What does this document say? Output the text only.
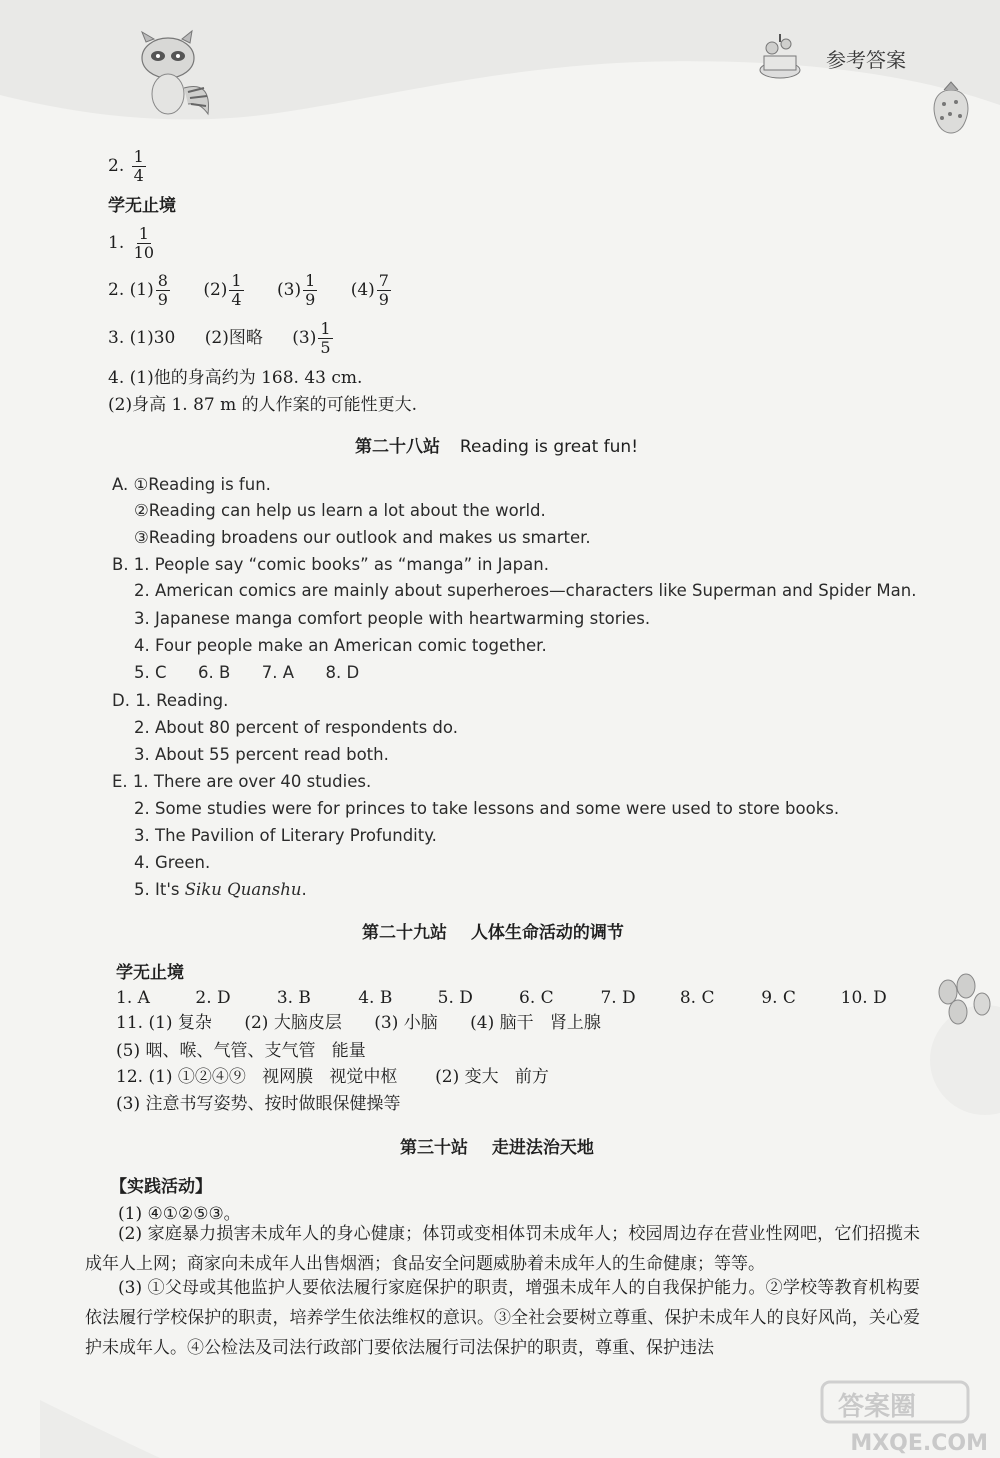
参考答案
2. $\frac{1}{4}$
学无止境
1. $\frac{1}{10}$
2. $(1) \frac{8}{9} (2) \frac{1}{4} (3) \frac{1}{9} (4) \frac{7}{9}$
3. (1)30 (2)图略 $(3) \frac{1}{5}$
4. (1)他的身高约为 168. 43 cm.
(2)身高 1. 87 m 的人作案的可能性更大.
第二十八站 Reading is great fun!
A. ①Reading is fun.
②Reading can help us learn a lot about the world.
③Reading broadens our outlook and makes us smarter.
B. 1. People say “comic books” as “manga” in Japan.
2. American comics are mainly about superheroes—characters like Superman and Spider Man.
3. Japanese manga comfort people with heartwarming stories.
4. Four people make an American comic together.
5. C      6. B      7. A      8. D
D. 1. Reading.
2. About 80 percent of respondents do.
3. About 55 percent read both.
E. 1. There are over 40 studies.
2. Some studies were for princes to take lessons and some were used to store books.
3. The Pavilion of Literary Profundity.
4. Green.
5. It's Siku Quanshu.
第二十九站 人体生命活动的调节
学无止境
1. A	2. D	3. B	4. B	5. D	6. C	7. D	8. C	9. C	10. D
11. (1) 复杂      (2) 大脑皮层      (3) 小脑      (4) 脑干   肾上腺
(5) 咽、喉、气管、支气管   能量
12. (1) ①②④⑨   视网膜   视觉中枢       (2) 变大   前方
(3) 注意书写姿势、按时做眼保健操等
第三十站 走进法治天地
【实践活动】
(1) ④①②⑤③。
(2) 家庭暴力损害未成年人的身心健康；体罚或变相体罚未成年人；校园周边存在营业性网吧，它们招揽未成年人上网；商家向未成年人出售烟酒；食品安全问题威胁着未成年人的生命健康；等等。
(3) ①父母或其他监护人要依法履行家庭保护的职责，增强未成年人的自我保护能力。②学校等教育机构要依法履行学校保护的职责，培养学生依法维权的意识。③全社会要树立尊重、保护未成年人的良好风尚，关心爱护未成年人。④公检法及司法行政部门要依法履行司法保护的职责，尊重、保护违法
答案圈
MXQE.COM
